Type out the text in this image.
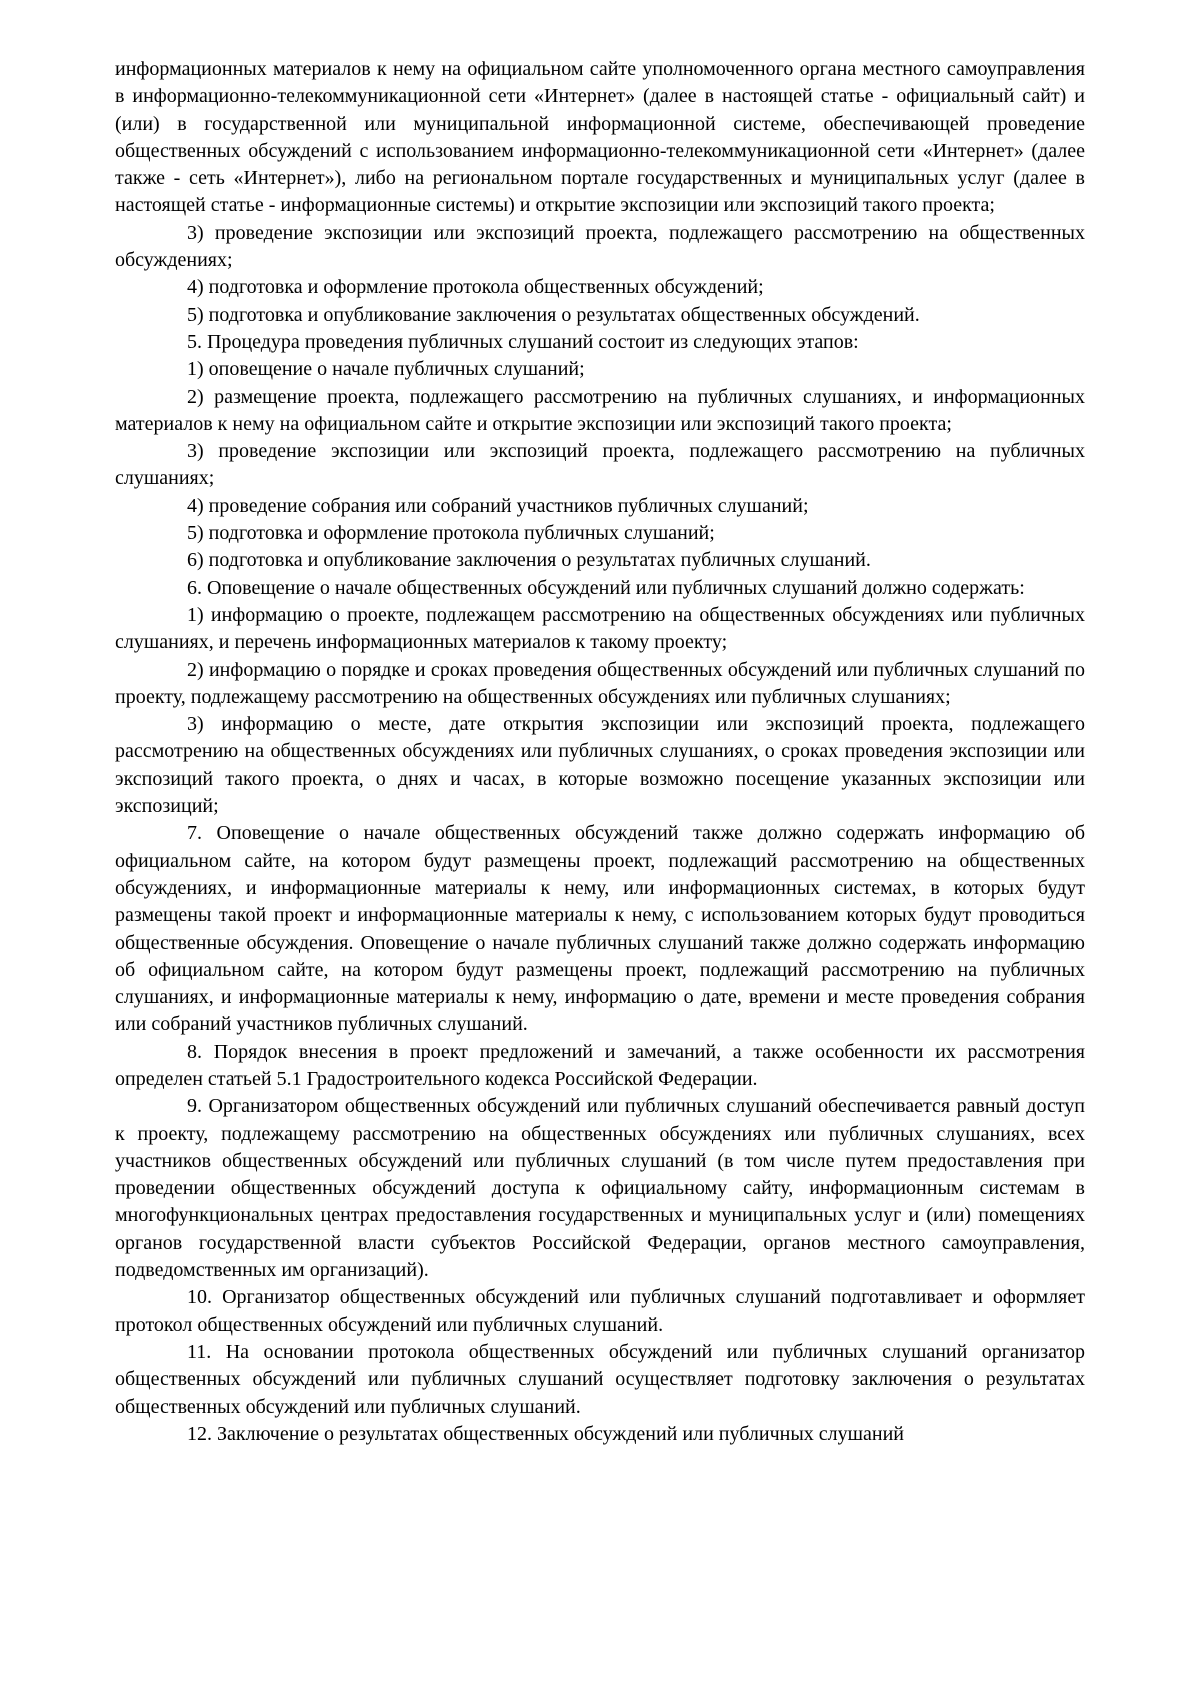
информационных материалов к нему на официальном сайте уполномоченного органа местного самоуправления в информационно-телекоммуникационной сети «Интернет» (далее в настоящей статье - официальный сайт) и (или) в государственной или муниципальной информационной системе, обеспечивающей проведение общественных обсуждений с использованием информационно-телекоммуникационной сети «Интернет» (далее также - сеть «Интернет»), либо на региональном портале государственных и муниципальных услуг (далее в настоящей статье - информационные системы) и открытие экспозиции или экспозиций такого проекта;

3) проведение экспозиции или экспозиций проекта, подлежащего рассмотрению на общественных обсуждениях;

4) подготовка и оформление протокола общественных обсуждений;

5) подготовка и опубликование заключения о результатах общественных обсуждений.

5. Процедура проведения публичных слушаний состоит из следующих этапов:

1) оповещение о начале публичных слушаний;

2) размещение проекта, подлежащего рассмотрению на публичных слушаниях, и информационных материалов к нему на официальном сайте и открытие экспозиции или экспозиций такого проекта;

3) проведение экспозиции или экспозиций проекта, подлежащего рассмотрению на публичных слушаниях;

4) проведение собрания или собраний участников публичных слушаний;

5) подготовка и оформление протокола публичных слушаний;

6) подготовка и опубликование заключения о результатах публичных слушаний.

6. Оповещение о начале общественных обсуждений или публичных слушаний должно содержать:

1) информацию о проекте, подлежащем рассмотрению на общественных обсуждениях или публичных слушаниях, и перечень информационных материалов к такому проекту;

2) информацию о порядке и сроках проведения общественных обсуждений или публичных слушаний по проекту, подлежащему рассмотрению на общественных обсуждениях или публичных слушаниях;

3) информацию о месте, дате открытия экспозиции или экспозиций проекта, подлежащего рассмотрению на общественных обсуждениях или публичных слушаниях, о сроках проведения экспозиции или экспозиций такого проекта, о днях и часах, в которые возможно посещение указанных экспозиции или экспозиций;

7. Оповещение о начале общественных обсуждений также должно содержать информацию об официальном сайте, на котором будут размещены проект, подлежащий рассмотрению на общественных обсуждениях, и информационные материалы к нему, или информационных системах, в которых будут размещены такой проект и информационные материалы к нему, с использованием которых будут проводиться общественные обсуждения. Оповещение о начале публичных слушаний также должно содержать информацию об официальном сайте, на котором будут размещены проект, подлежащий рассмотрению на публичных слушаниях, и информационные материалы к нему, информацию о дате, времени и месте проведения собрания или собраний участников публичных слушаний.

8. Порядок внесения в проект предложений и замечаний, а также особенности их рассмотрения определен статьей 5.1 Градостроительного кодекса Российской Федерации.

9. Организатором общественных обсуждений или публичных слушаний обеспечивается равный доступ к проекту, подлежащему рассмотрению на общественных обсуждениях или публичных слушаниях, всех участников общественных обсуждений или публичных слушаний (в том числе путем предоставления при проведении общественных обсуждений доступа к официальному сайту, информационным системам в многофункциональных центрах предоставления государственных и муниципальных услуг и (или) помещениях органов государственной власти субъектов Российской Федерации, органов местного самоуправления, подведомственных им организаций).

10. Организатор общественных обсуждений или публичных слушаний подготавливает и оформляет протокол общественных обсуждений или публичных слушаний.

11. На основании протокола общественных обсуждений или публичных слушаний организатор общественных обсуждений или публичных слушаний осуществляет подготовку заключения о результатах общественных обсуждений или публичных слушаний.

12. Заключение о результатах общественных обсуждений или публичных слушаний
